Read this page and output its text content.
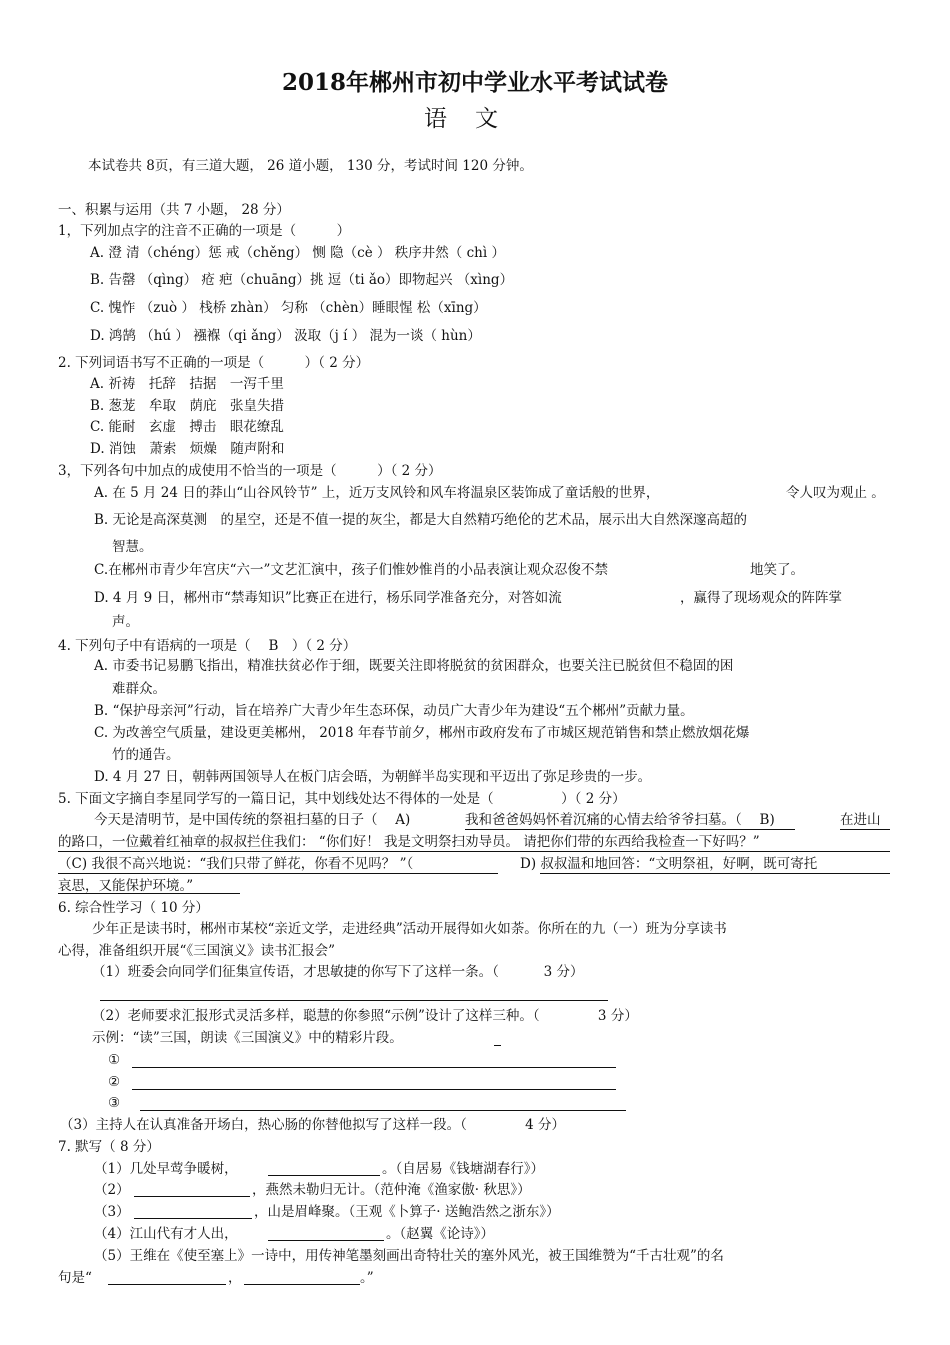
2018年郴州市初中学业水平考试试卷
语文
本试卷共 8页，有三道大题， 26 道小题， 130 分，考试时间 120 分钟。
一、积累与运用（共 7 小题， 28 分）
1，下列加点字的注音不正确的一项是（　　　）
A. 澄 清（chéng）惩 戒（chěng） 恻 隐（cè ） 秩序井然（ chì ）
B. 告罄 （qìng） 疮 疤（chuāng）挑 逗（ti ǎo）即物起兴 （xìng）
C. 愧怍 （zuò ） 栈桥 zhàn） 匀称 （chèn）睡眼惺 松（xīng）
D. 鸿鹄 （hú ） 襁褓（qi ǎng） 汲取（j í ） 混为一谈（ hùn）
2. 下列词语书写不正确的一项是（　　　）（ 2 分）
A. 祈祷　托辞　拮据　一泻千里
B. 葱茏　牟取　荫庇　张皇失措
C. 能耐　玄虚　搏击　眼花缭乱
D. 消蚀　萧索　烦燥　随声附和
3，下列各句中加点的成使用不恰当的一项是（　　　）（ 2 分）
A. 在 5 月 24 日的莽山“山谷风铃节” 上，近万支风铃和风车将温泉区装饰成了童话般的世界，	令人叹为观止 。
B. 无论是高深莫测　的星空，还是不值一提的灰尘，都是大自然精巧绝伦的艺术品，展示出大自然深邃高超的
智慧。
C.在郴州市青少年宫庆“六一”文艺汇演中，孩子们惟妙惟肖的小品表演让观众忍俊不禁	地笑了。
D. 4 月 9 日，郴州市“禁毒知识”比赛正在进行，杨乐同学准备充分，对答如流	，赢得了现场观众的阵阵掌
声。
4. 下列句子中有语病的一项是（　 B　）（ 2 分）
A. 市委书记易鹏飞指出，精准扶贫必作于细，既要关注即将脱贫的贫困群众，也要关注已脱贫但不稳固的困
难群众。
B. “保护母亲河”行动，旨在培养广大青少年生态环保，动员广大青少年为建设“五个郴州”贡献力量。
C. 为改善空气质量，建设更美郴州， 2018 年春节前夕，郴州市政府发布了市城区规范销售和禁止燃放烟花爆
竹的通告。
D. 4 月 27 日，朝韩两国领导人在板门店会晤，为朝鲜半岛实现和平迈出了弥足珍贵的一步。
5. 下面文字摘自李星同学写的一篇日记，其中划线处达不得体的一处是（　　　　　）（ 2 分）
今天是清明节，是中国传统的祭祖扫墓的日子（　 A)	我和爸爸妈妈怀着沉痛的心情去给爷爷扫墓。（　 B)	在进山
的路口，一位戴着红袖章的叔叔拦住我们： “你们好！ 我是文明祭扫劝导员。 请把你们带的东西给我检查一下好吗？”
（C) 我很不高兴地说：“我们只带了鲜花，你看不见吗？ ”（	D) 叔叔温和地回答：“文明祭祖，好啊，既可寄托
哀思，又能保护环境。”
6. 综合性学习（ 10 分）
少年正是读书时，郴州市某校“亲近文学，走进经典”活动开展得如火如荼。你所在的九（一）班为分享读书
心得，准备组织开展“《三国演义》读书汇报会”
（1）班委会向同学们征集宣传语，才思敏捷的你写下了这样一条。（　　　 3 分）
（2）老师要求汇报形式灵活多样，聪慧的你参照“示例”设计了这样三种。（　　　　 3 分）
示例：“读”三国，朗读《三国演义》中的精彩片段。
①
②
③
（3）主持人在认真准备开场白，热心肠的你替他拟写了这样一段。（　　　　 4 分）
7. 默写（ 8 分）
（1）几处早莺争暖树，	。（自居易《钱塘湖春行》）
（2）	，燕然未勒归无计。（范仲淹《渔家傲· 秋思》）
（3）	，山是眉峰聚。（王观《卜算子· 送鲍浩然之浙东》）
（4）江山代有才人出，	。（赵翼《论诗》）
（5）王维在《使至塞上》一诗中，用传神笔墨刻画出奇特壮关的塞外风光，被王国维赞为“千古壮观”的名
句是“	，	。”
